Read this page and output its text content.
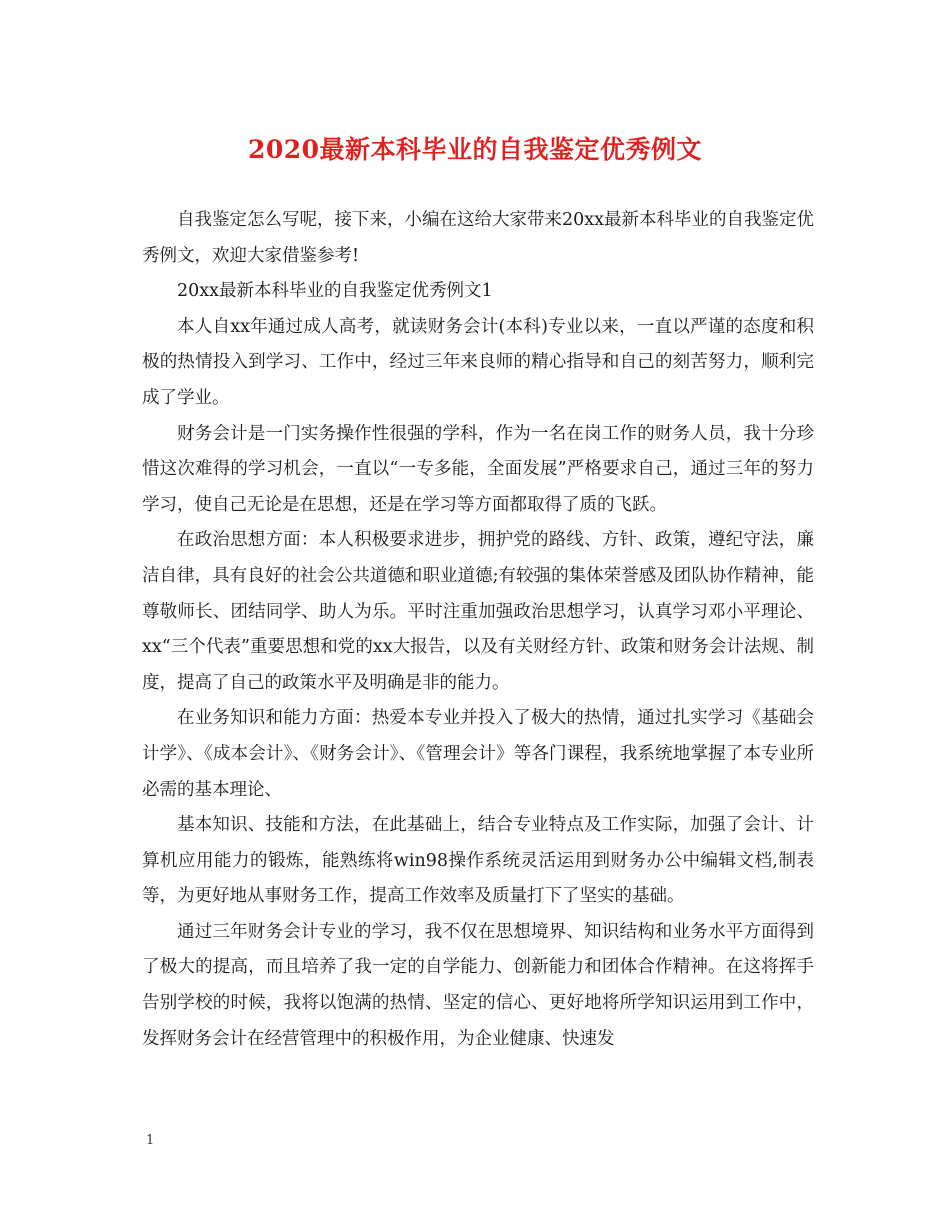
2020最新本科毕业的自我鉴定优秀例文

自我鉴定怎么写呢，接下来，小编在这给大家带来20xx最新本科毕业的自我鉴定优秀例文，欢迎大家借鉴参考!

20xx最新本科毕业的自我鉴定优秀例文1

本人自xx年通过成人高考，就读财务会计(本科)专业以来，一直以严谨的态度和积极的热情投入到学习、工作中，经过三年来良师的精心指导和自己的刻苦努力，顺利完成了学业。

财务会计是一门实务操作性很强的学科，作为一名在岗工作的财务人员，我十分珍惜这次难得的学习机会，一直以“一专多能，全面发展”严格要求自己，通过三年的努力学习，使自己无论是在思想，还是在学习等方面都取得了质的飞跃。

在政治思想方面：本人积极要求进步，拥护党的路线、方针、政策，遵纪守法，廉洁自律，具有良好的社会公共道德和职业道德;有较强的集体荣誉感及团队协作精神，能尊敬师长、团结同学、助人为乐。平时注重加强政治思想学习，认真学习邓小平理论、xx“三个代表”重要思想和党的xx大报告，以及有关财经方针、政策和财务会计法规、制度，提高了自己的政策水平及明确是非的能力。

在业务知识和能力方面：热爱本专业并投入了极大的热情，通过扎实学习《基础会计学》、《成本会计》、《财务会计》、《管理会计》等各门课程，我系统地掌握了本专业所必需的基本理论、

基本知识、技能和方法，在此基础上，结合专业特点及工作实际，加强了会计、计算机应用能力的锻炼，能熟练将win98操作系统灵活运用到财务办公中编辑文档,制表等，为更好地从事财务工作，提高工作效率及质量打下了坚实的基础。

通过三年财务会计专业的学习，我不仅在思想境界、知识结构和业务水平方面得到了极大的提高，而且培养了我一定的自学能力、创新能力和团体合作精神。在这将挥手告别学校的时候，我将以饱满的热情、坚定的信心、更好地将所学知识运用到工作中，发挥财务会计在经营管理中的积极作用，为企业健康、快速发

1
